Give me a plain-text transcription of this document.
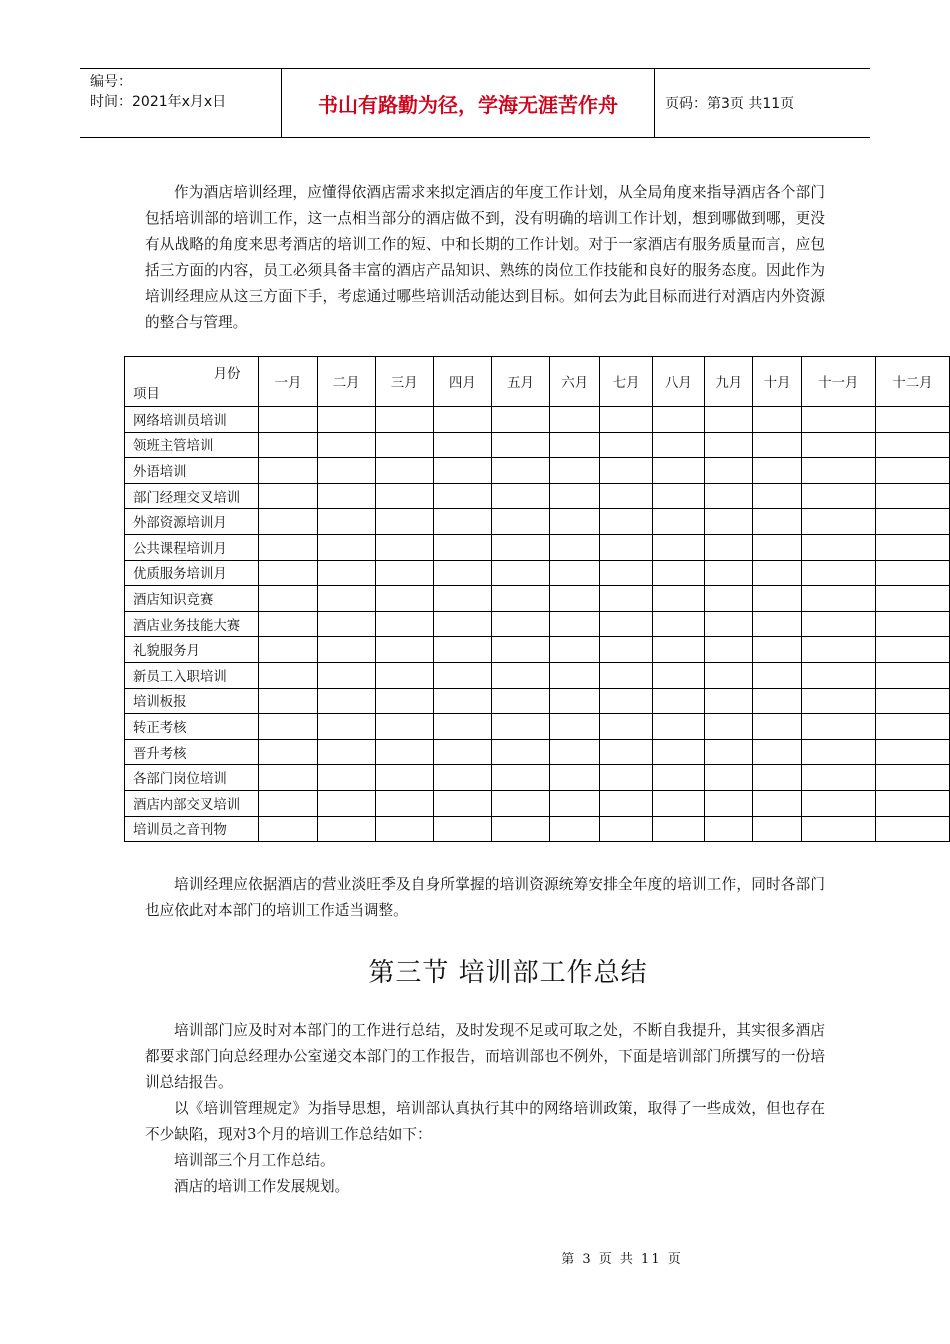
编号：
时间：2021年x月x日	书山有路勤为径，学海无涯苦作舟	页码：第3页 共11页

作为酒店培训经理，应懂得依酒店需求来拟定酒店的年度工作计划，从全局角度来指导酒店各个部门包括培训部的培训工作，这一点相当部分的酒店做不到，没有明确的培训工作计划，想到哪做到哪，更没有从战略的角度来思考酒店的培训工作的短、中和长期的工作计划。对于一家酒店有服务质量而言，应包括三方面的内容，员工必须具备丰富的酒店产品知识、熟练的岗位工作技能和良好的服务态度。因此作为培训经理应从这三方面下手，考虑通过哪些培训活动能达到目标。如何去为此目标而进行对酒店内外资源的整合与管理。

月份
项目	一月	二月	三月	四月	五月	六月	七月	八月	九月	十月	十一月	十二月
网络培训员培训												
领班主管培训												
外语培训												
部门经理交叉培训												
外部资源培训月												
公共课程培训月												
优质服务培训月												
酒店知识竞赛												
酒店业务技能大赛												
礼貌服务月												
新员工入职培训												
培训板报												
转正考核												
晋升考核												
各部门岗位培训												
酒店内部交叉培训												
培训员之音刊物												

培训经理应依据酒店的营业淡旺季及自身所掌握的培训资源统筹安排全年度的培训工作，同时各部门也应依此对本部门的培训工作适当调整。

第三节 培训部工作总结

培训部门应及时对本部门的工作进行总结，及时发现不足或可取之处，不断自我提升，其实很多酒店都要求部门向总经理办公室递交本部门的工作报告，而培训部也不例外，下面是培训部门所撰写的一份培训总结报告。

以《培训管理规定》为指导思想，培训部认真执行其中的网络培训政策，取得了一些成效，但也存在不少缺陷，现对3个月的培训工作总结如下：

培训部三个月工作总结。

酒店的培训工作发展规划。

第 3 页 共 11 页
